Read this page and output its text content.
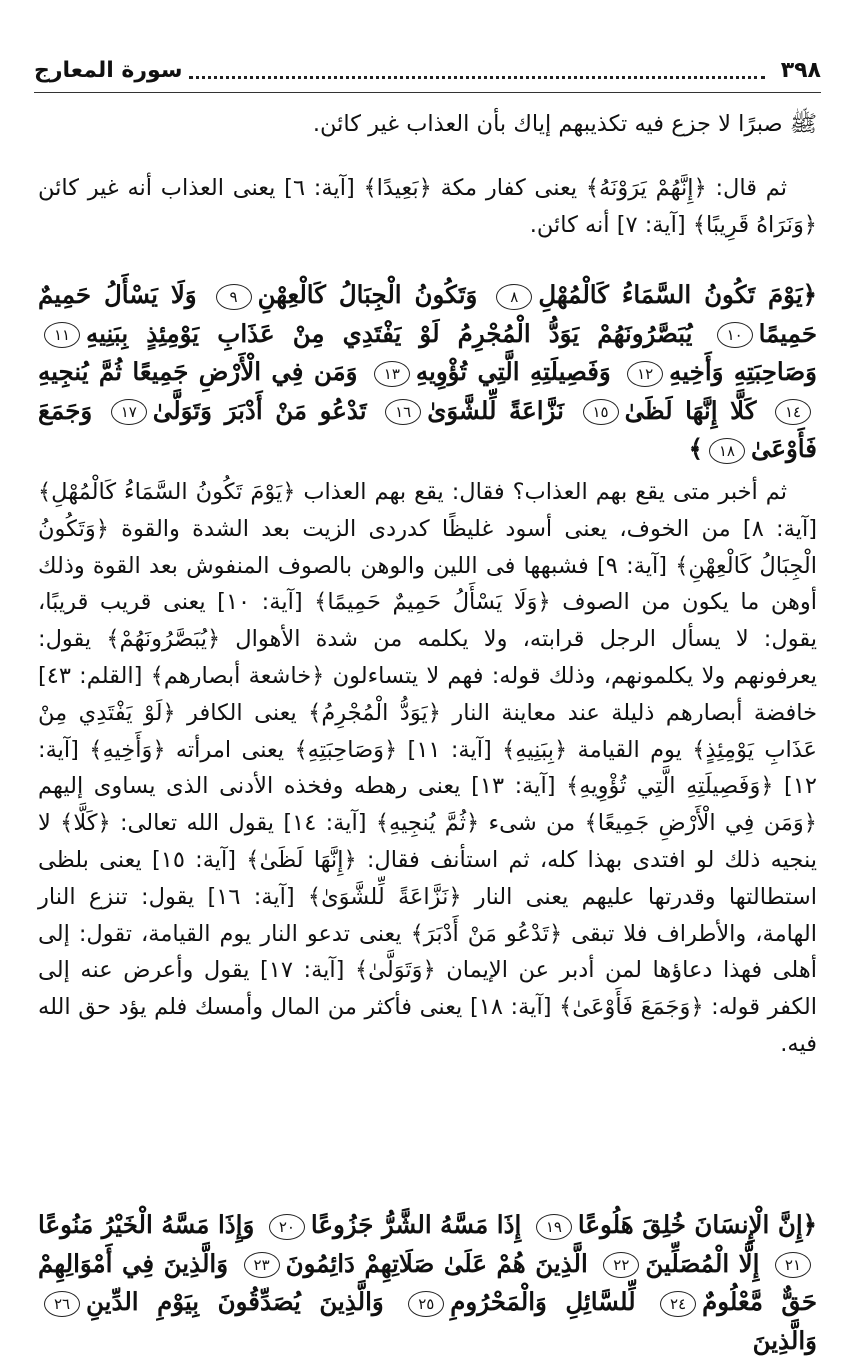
٣٩٨
سورة المعارج

ﷺ صبرًا لا جزع فيه تكذيبهم إياك بأن العذاب غير كائن.

ثم قال: ﴿إِنَّهُمْ يَرَوْنَهُ﴾ يعنى كفار مكة ﴿بَعِيدًا﴾ [آية: ٦] يعنى العذاب أنه غير كائن ﴿وَنَرَاهُ قَرِيبًا﴾ [آية: ٧] أنه كائن.

﴿يَوْمَ تَكُونُ السَّمَاءُ كَالْمُهْلِ٨ وَتَكُونُ الْجِبَالُ كَالْعِهْنِ٩ وَلَا يَسْأَلُ حَمِيمٌ حَمِيمًا١٠ يُبَصَّرُونَهُمْ يَوَدُّ الْمُجْرِمُ لَوْ يَفْتَدِي مِنْ عَذَابِ يَوْمِئِذٍ بِبَنِيهِ١١ وَصَاحِبَتِهِ وَأَخِيهِ١٢ وَفَصِيلَتِهِ الَّتِي تُؤْوِيهِ١٣ وَمَن فِي الْأَرْضِ جَمِيعًا ثُمَّ يُنجِيهِ١٤ كَلَّا إِنَّهَا لَظَىٰ١٥ نَزَّاعَةً لِّلشَّوَىٰ١٦ تَدْعُو مَنْ أَدْبَرَ وَتَوَلَّىٰ١٧ وَجَمَعَ فَأَوْعَىٰ١٨﴾

ثم أخبر متى يقع بهم العذاب؟ فقال: يقع بهم العذاب ﴿يَوْمَ تَكُونُ السَّمَاءُ كَالْمُهْلِ﴾ [آية: ٨] من الخوف، يعنى أسود غليظًا كدردى الزيت بعد الشدة والقوة ﴿وَتَكُونُ الْجِبَالُ كَالْعِهْنِ﴾ [آية: ٩] فشبهها فى اللين والوهن بالصوف المنفوش بعد القوة وذلك أوهن ما يكون من الصوف ﴿وَلَا يَسْأَلُ حَمِيمٌ حَمِيمًا﴾ [آية: ١٠] يعنى قريب قريبًا، يقول: لا يسأل الرجل قرابته، ولا يكلمه من شدة الأهوال ﴿يُبَصَّرُونَهُمْ﴾ يقول: يعرفونهم ولا يكلمونهم، وذلك قوله: فهم لا يتساءلون ﴿خاشعة أبصارهم﴾ [القلم: ٤٣] خافضة أبصارهم ذليلة عند معاينة النار ﴿يَوَدُّ الْمُجْرِمُ﴾ يعنى الكافر ﴿لَوْ يَفْتَدِي مِنْ عَذَابِ يَوْمِئِذٍ﴾ يوم القيامة ﴿بِبَنِيهِ﴾ [آية: ١١] ﴿وَصَاحِبَتِهِ﴾ يعنى امرأته ﴿وَأَخِيهِ﴾ [آية: ١٢] ﴿وَفَصِيلَتِهِ الَّتِي تُؤْوِيهِ﴾ [آية: ١٣] يعنى رهطه وفخذه الأدنى الذى يساوى إليهم ﴿وَمَن فِي الْأَرْضِ جَمِيعًا﴾ من شىء ﴿ثُمَّ يُنجِيهِ﴾ [آية: ١٤] يقول الله تعالى: ﴿كَلَّا﴾ لا ينجيه ذلك لو افتدى بهذا كله، ثم استأنف فقال: ﴿إِنَّهَا لَظَىٰ﴾ [آية: ١٥] يعنى بلظى استطالتها وقدرتها عليهم يعنى النار ﴿نَزَّاعَةً لِّلشَّوَىٰ﴾ [آية: ١٦] يقول: تنزع النار الهامة، والأطراف فلا تبقى ﴿تَدْعُو مَنْ أَدْبَرَ﴾ يعنى تدعو النار يوم القيامة، تقول: إلى أهلى فهذا دعاؤها لمن أدبر عن الإيمان ﴿وَتَوَلَّىٰ﴾ [آية: ١٧] يقول وأعرض عنه إلى الكفر قوله: ﴿وَجَمَعَ فَأَوْعَىٰ﴾ [آية: ١٨] يعنى فأكثر من المال وأمسك فلم يؤد حق الله فيه.

﴿إِنَّ الْإِنسَانَ خُلِقَ هَلُوعًا١٩ إِذَا مَسَّهُ الشَّرُّ جَزُوعًا٢٠ وَإِذَا مَسَّهُ الْخَيْرُ مَنُوعًا٢١ إِلَّا الْمُصَلِّينَ٢٢ الَّذِينَ هُمْ عَلَىٰ صَلَاتِهِمْ دَائِمُونَ٢٣ وَالَّذِينَ فِي أَمْوَالِهِمْ حَقٌّ مَّعْلُومٌ٢٤ لِّلسَّائِلِ وَالْمَحْرُومِ٢٥ وَالَّذِينَ يُصَدِّقُونَ بِيَوْمِ الدِّينِ٢٦ وَالَّذِينَ
